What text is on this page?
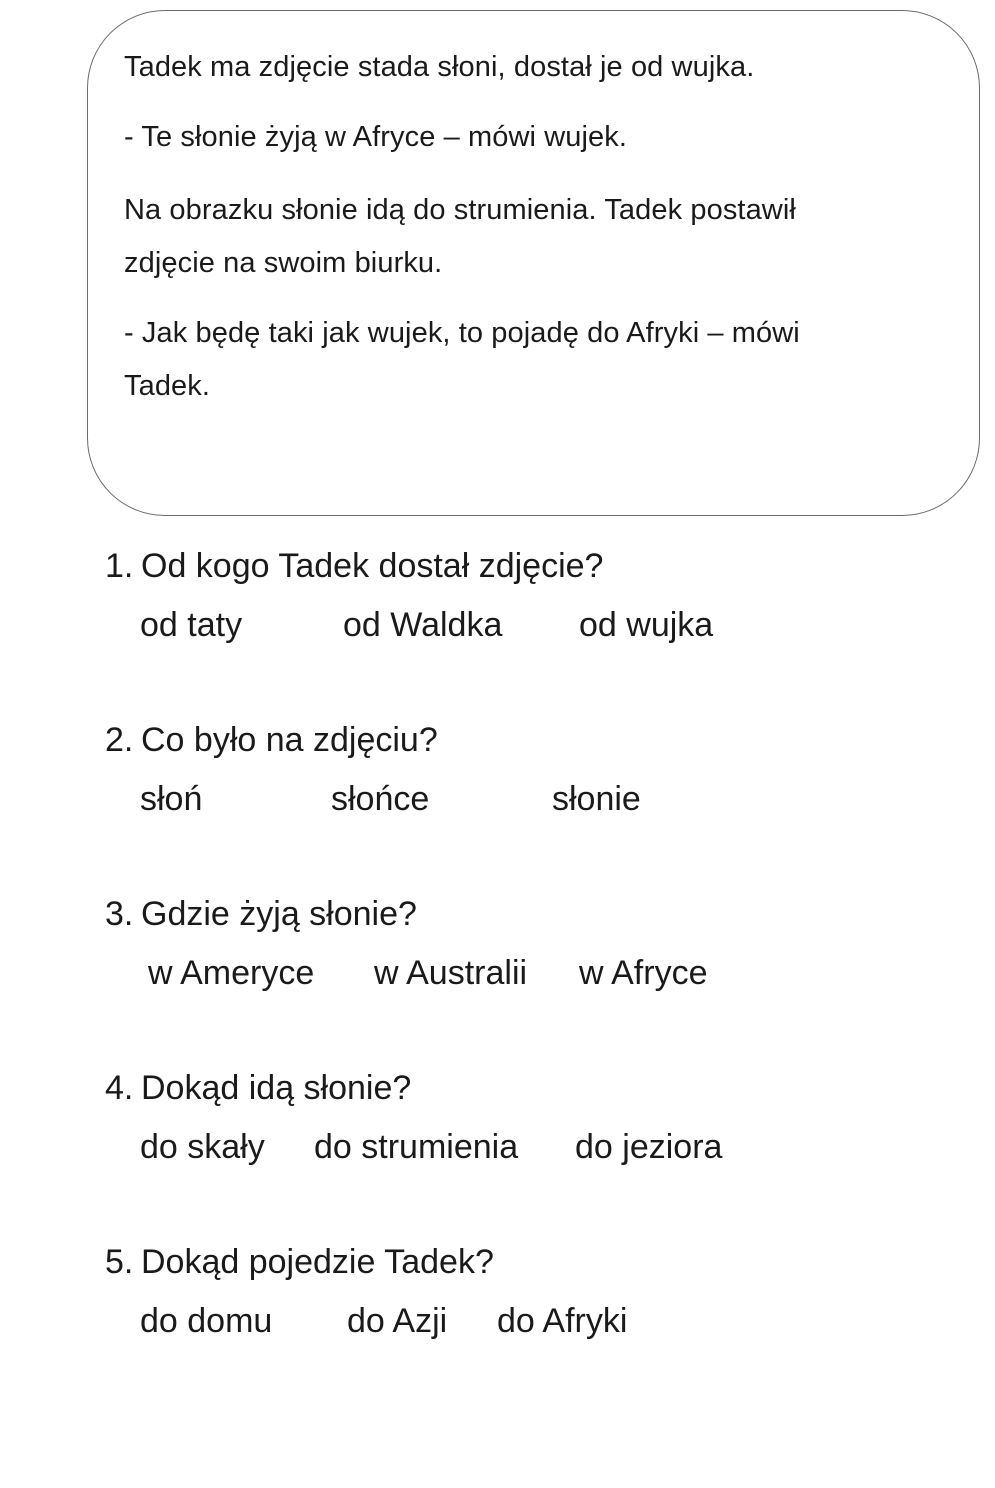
Tadek ma zdjęcie stada słoni, dostał je od wujka.
- Te słonie żyją w Afryce – mówi wujek.
Na obrazku słonie idą do strumienia. Tadek postawił
zdjęcie na swoim biurku.
- Jak będę taki jak wujek, to pojadę do Afryki – mówi
Tadek.
1. Od kogo Tadek dostał zdjęcie?
od taty	od Waldka od wujka
2. Co było na zdjęciu?
słoń	słońce	słonie
3. Gdzie żyją słonie?
w Ameryce w Australii w Afryce
4. Dokąd idą słonie?
do skały do strumienia do jeziora
5. Dokąd pojedzie Tadek?
do domu do Azji do Afryki
